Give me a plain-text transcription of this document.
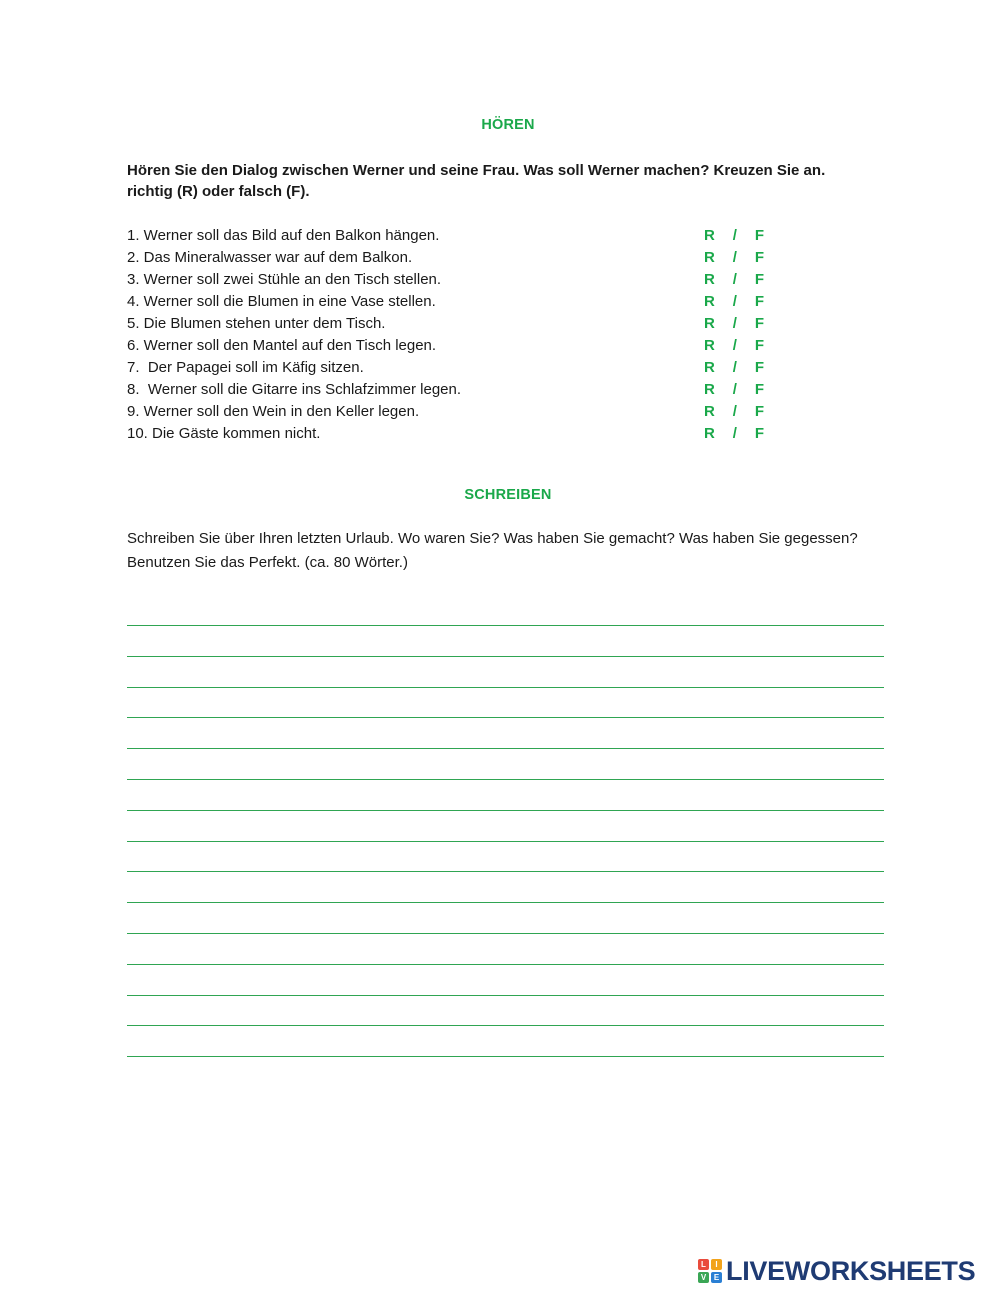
HÖREN
Hören Sie den Dialog zwischen Werner und seine Frau. Was soll Werner machen? Kreuzen Sie an.
richtig (R) oder falsch (F).
1. Werner soll das Bild auf den Balkon hängen.	R / F
2. Das Mineralwasser war auf dem Balkon.	R / F
3. Werner soll zwei Stühle an den Tisch stellen.	R / F
4. Werner soll die Blumen in eine Vase stellen.	R / F
5. Die Blumen stehen unter dem Tisch.	R / F
6. Werner soll den Mantel auf den Tisch legen.	R / F
7.  Der Papagei soll im Käfig sitzen.	R / F
8.  Werner soll die Gitarre ins Schlafzimmer legen.	R / F
9. Werner soll den Wein in den Keller legen.	R / F
10. Die Gäste kommen nicht.	R / F
SCHREIBEN
Schreiben Sie über Ihren letzten Urlaub. Wo waren Sie? Was haben Sie gemacht? Was haben Sie gegessen?
Benutzen Sie das Perfekt. (ca. 80 Wörter.)
L	I
V E LIVEWORKSHEETS
